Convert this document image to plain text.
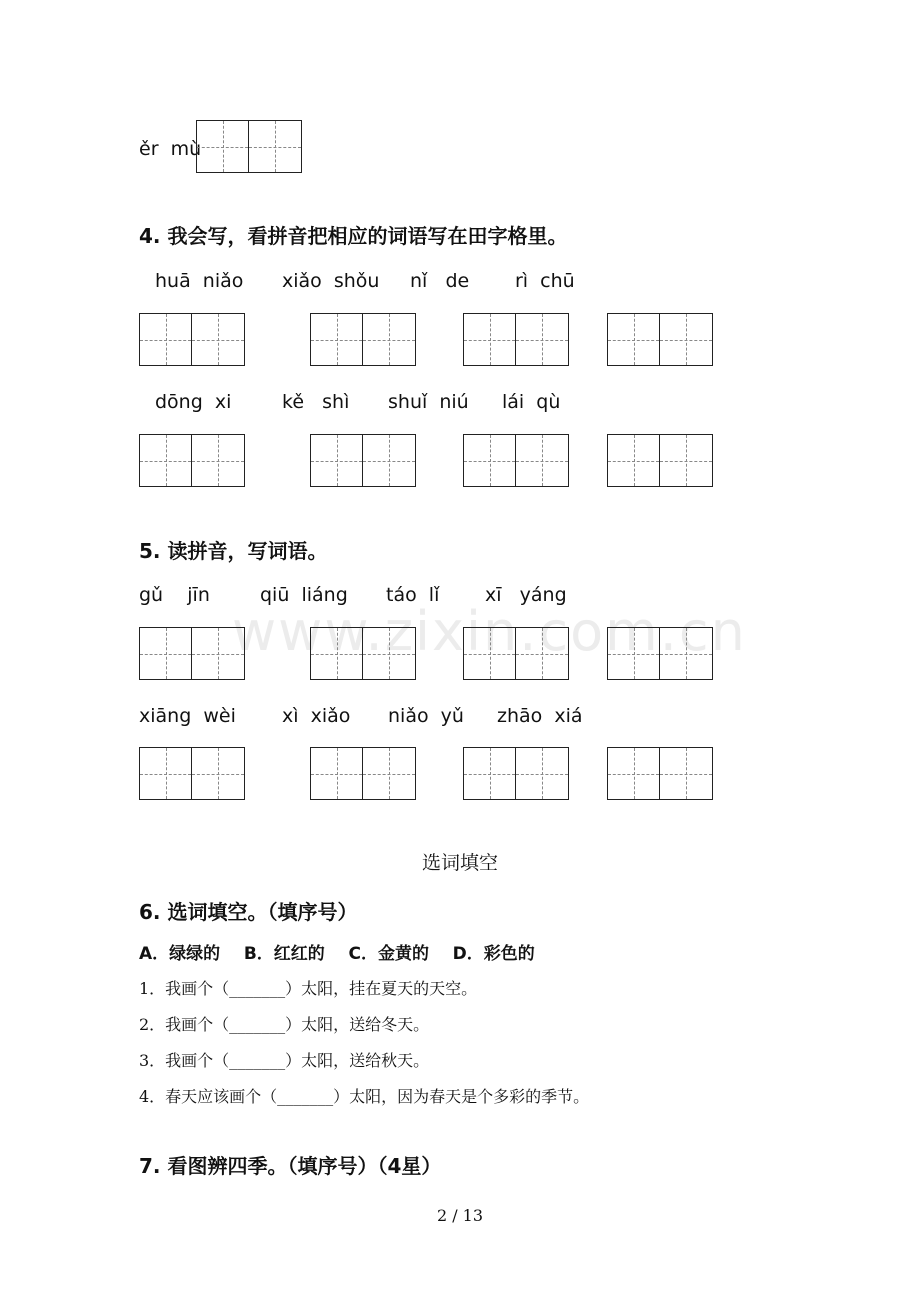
www.zixin.com.cn
ěr  mù
4. 我会写，看拼音把相应的词语写在田字格里。
huā  niǎo xiǎo  shǒu nǐ   de rì  chū
dōng  xi	kě   shì shuǐ  niú lái  qù
5. 读拼音，写词语。
gǔ    jīn	qiū  liáng táo  lǐ xī   yáng
xiāng  wèi xì  xiǎo niǎo  yǔ zhāo  xiá
选词填空
6. 选词填空。（填序号）
A．绿绿的    B．红红的    C．金黄的    D．彩色的
1．我画个（_______）太阳，挂在夏天的天空。
2．我画个（_______）太阳，送给冬天。
3．我画个（_______）太阳，送给秋天。
4．春天应该画个（_______）太阳，因为春天是个多彩的季节。
7. 看图辨四季。（填序号）（4星）
2 / 13
